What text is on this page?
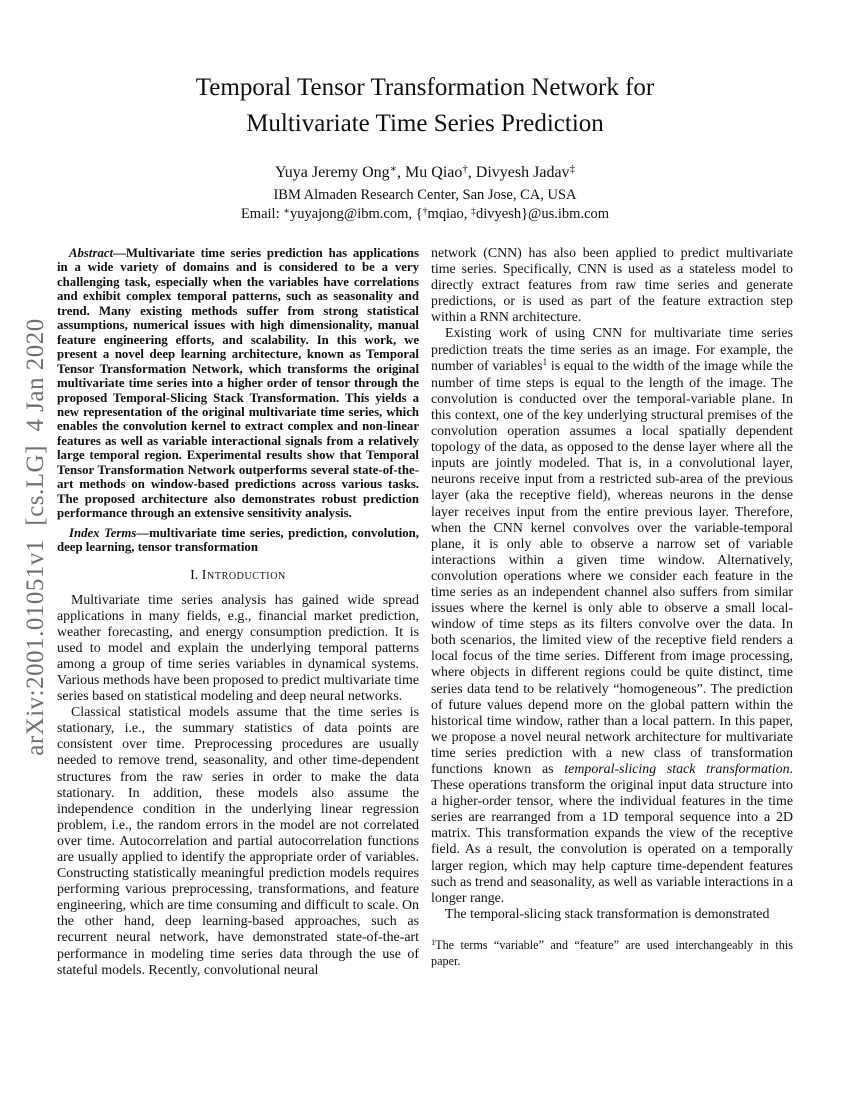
arXiv:2001.01051v1  [cs.LG]  4 Jan 2020
Temporal Tensor Transformation Network for
Multivariate Time Series Prediction
Yuya Jeremy Ong∗, Mu Qiao†, Divyesh Jadav‡
IBM Almaden Research Center, San Jose, CA, USA
Email: ∗yuyajong@ibm.com, {†mqiao, ‡divyesh}@us.ibm.com

Abstract—Multivariate time series prediction has applications in a wide variety of domains and is considered to be a very challenging task, especially when the variables have correlations and exhibit complex temporal patterns, such as seasonality and trend. Many existing methods suffer from strong statistical assumptions, numerical issues with high dimensionality, manual feature engineering efforts, and scalability. In this work, we present a novel deep learning architecture, known as Temporal Tensor Transformation Network, which transforms the original multivariate time series into a higher order of tensor through the proposed Temporal-Slicing Stack Transformation. This yields a new representation of the original multivariate time series, which enables the convolution kernel to extract complex and non-linear features as well as variable interactional signals from a relatively large temporal region. Experimental results show that Temporal Tensor Transformation Network outperforms several state-of-the-art methods on window-based predictions across various tasks. The proposed architecture also demonstrates robust prediction performance through an extensive sensitivity analysis.

Index Terms—multivariate time series, prediction, convolution, deep learning, tensor transformation

I. Introduction

Multivariate time series analysis has gained wide spread applications in many fields, e.g., financial market prediction, weather forecasting, and energy consumption prediction. It is used to model and explain the underlying temporal patterns among a group of time series variables in dynamical systems. Various methods have been proposed to predict multivariate time series based on statistical modeling and deep neural networks.

Classical statistical models assume that the time series is stationary, i.e., the summary statistics of data points are consistent over time. Preprocessing procedures are usually needed to remove trend, seasonality, and other time-dependent structures from the raw series in order to make the data stationary. In addition, these models also assume the independence condition in the underlying linear regression problem, i.e., the random errors in the model are not correlated over time. Autocorrelation and partial autocorrelation functions are usually applied to identify the appropriate order of variables. Constructing statistically meaningful prediction models requires performing various preprocessing, transformations, and feature engineering, which are time consuming and difficult to scale. On the other hand, deep learning-based approaches, such as recurrent neural network, have demonstrated state-of-the-art performance in modeling time series data through the use of stateful models. Recently, convolutional neural

network (CNN) has also been applied to predict multivariate time series. Specifically, CNN is used as a stateless model to directly extract features from raw time series and generate predictions, or is used as part of the feature extraction step within a RNN architecture.

Existing work of using CNN for multivariate time series prediction treats the time series as an image. For example, the number of variables$^1$ is equal to the width of the image while the number of time steps is equal to the length of the image. The convolution is conducted over the temporal-variable plane. In this context, one of the key underlying structural premises of the convolution operation assumes a local spatially dependent topology of the data, as opposed to the dense layer where all the inputs are jointly modeled. That is, in a convolutional layer, neurons receive input from a restricted sub-area of the previous layer (aka the receptive field), whereas neurons in the dense layer receives input from the entire previous layer. Therefore, when the CNN kernel convolves over the variable-temporal plane, it is only able to observe a narrow set of variable interactions within a given time window. Alternatively, convolution operations where we consider each feature in the time series as an independent channel also suffers from similar issues where the kernel is only able to observe a small local-window of time steps as its filters convolve over the data. In both scenarios, the limited view of the receptive field renders a local focus of the time series. Different from image processing, where objects in different regions could be quite distinct, time series data tend to be relatively “homogeneous”. The prediction of future values depend more on the global pattern within the historical time window, rather than a local pattern. In this paper, we propose a novel neural network architecture for multivariate time series prediction with a new class of transformation functions known as temporal-slicing stack transformation. These operations transform the original input data structure into a higher-order tensor, where the individual features in the time series are rearranged from a 1D temporal sequence into a 2D matrix. This transformation expands the view of the receptive field. As a result, the convolution is operated on a temporally larger region, which may help capture time-dependent features such as trend and seasonality, as well as variable interactions in a longer range.

The temporal-slicing stack transformation is demonstrated

$^1$The terms “variable” and “feature” are used interchangeably in this paper.
